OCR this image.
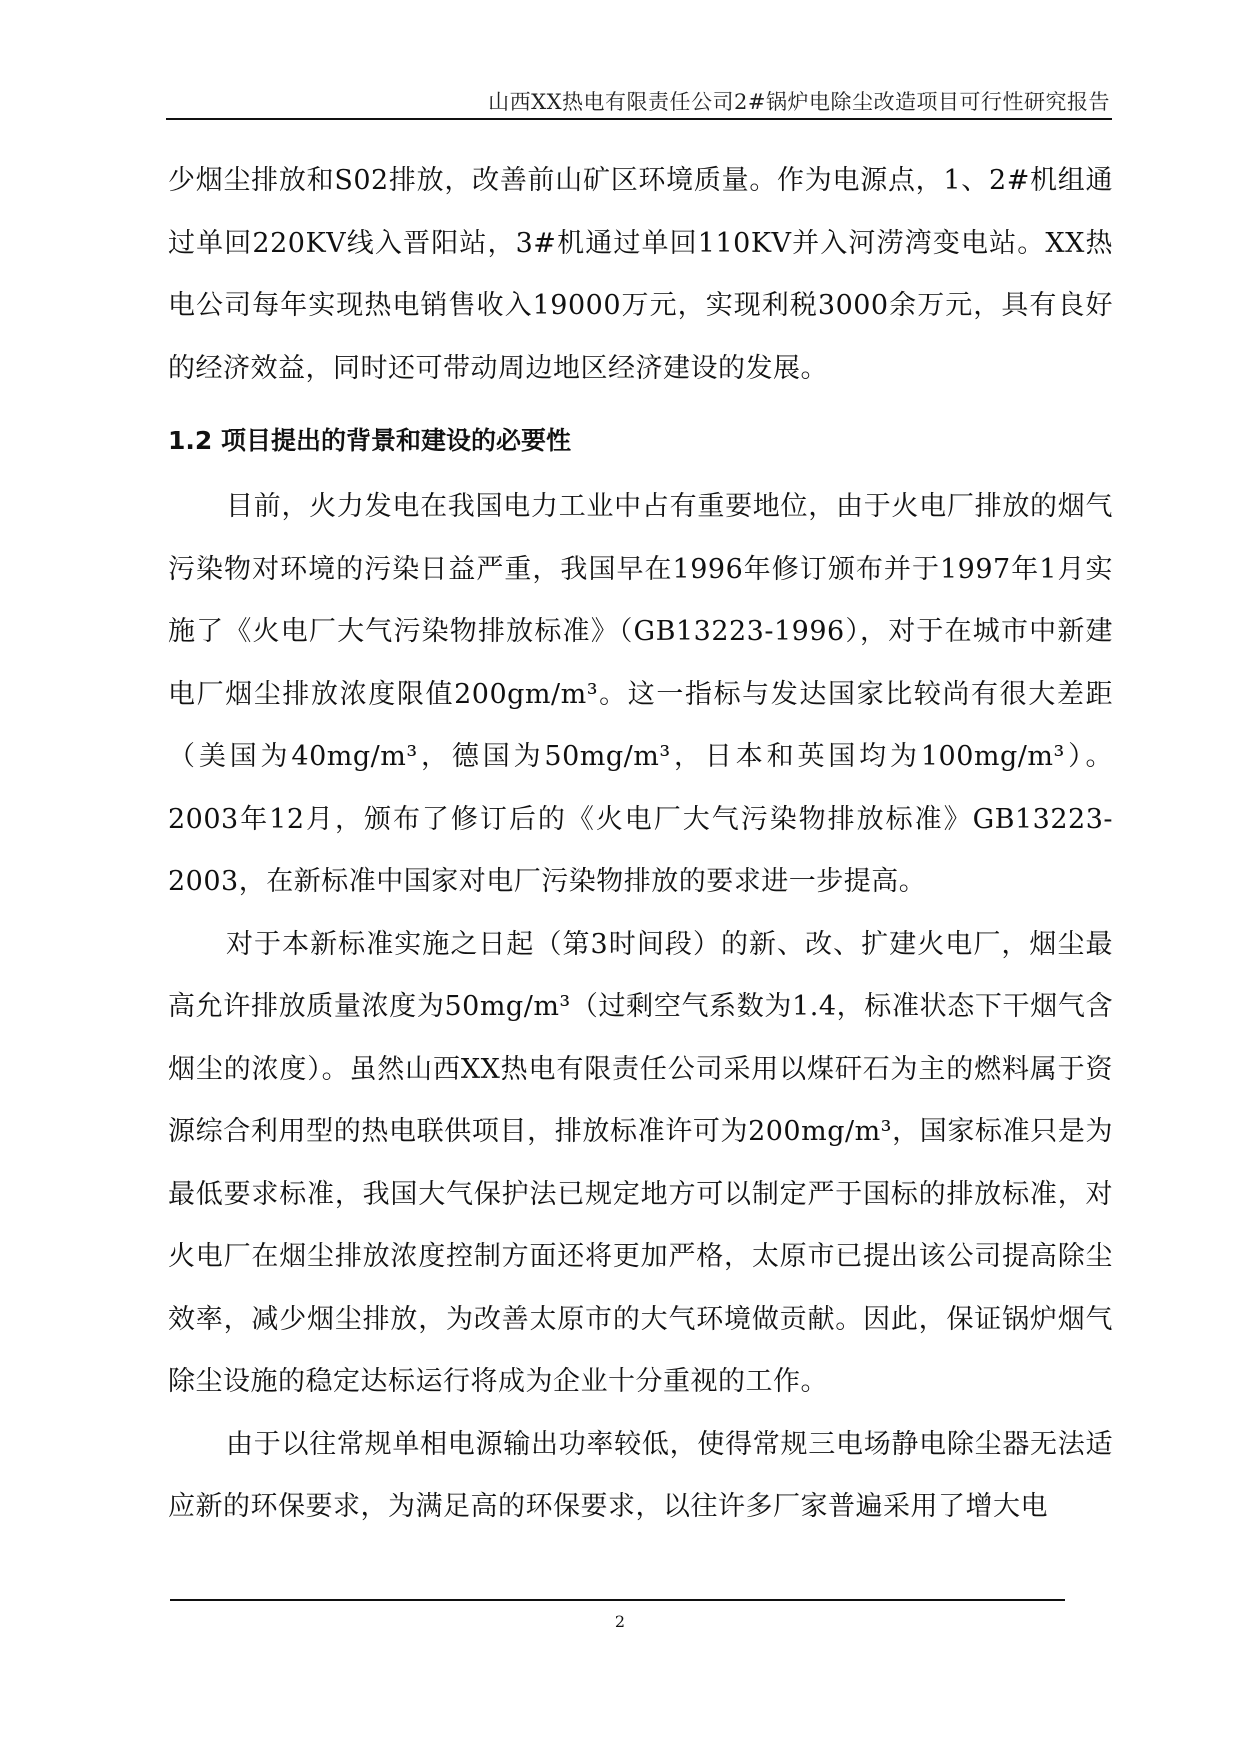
山西XX热电有限责任公司2#锅炉电除尘改造项目可行性研究报告

少烟尘排放和S02排放，改善前山矿区环境质量。作为电源点，1、2#机组通过单回220KV线入晋阳站，3#机通过单回110KV并入河涝湾变电站。XX热电公司每年实现热电销售收入19000万元，实现利税3000余万元，具有良好的经济效益，同时还可带动周边地区经济建设的发展。

1.2 项目提出的背景和建设的必要性

目前，火力发电在我国电力工业中占有重要地位，由于火电厂排放的烟气污染物对环境的污染日益严重，我国早在1996年修订颁布并于1997年1月实施了《火电厂大气污染物排放标准》（GB13223-1996），对于在城市中新建电厂烟尘排放浓度限值200gm/m³。这一指标与发达国家比较尚有很大差距（美国为40mg/m³，德国为50mg/m³，日本和英国均为100mg/m³）。2003年12月，颁布了修订后的《火电厂大气污染物排放标准》GB13223-2003，在新标准中国家对电厂污染物排放的要求进一步提高。

对于本新标准实施之日起（第3时间段）的新、改、扩建火电厂，烟尘最高允许排放质量浓度为50mg/m³（过剩空气系数为1.4，标准状态下干烟气含烟尘的浓度）。虽然山西XX热电有限责任公司采用以煤矸石为主的燃料属于资源综合利用型的热电联供项目，排放标准许可为200mg/m³，国家标准只是为最低要求标准，我国大气保护法已规定地方可以制定严于国标的排放标准，对火电厂在烟尘排放浓度控制方面还将更加严格，太原市已提出该公司提高除尘效率，减少烟尘排放，为改善太原市的大气环境做贡献。因此，保证锅炉烟气除尘设施的稳定达标运行将成为企业十分重视的工作。

由于以往常规单相电源输出功率较低，使得常规三电场静电除尘器无法适应新的环保要求，为满足高的环保要求，以往许多厂家普遍采用了增大电

2
